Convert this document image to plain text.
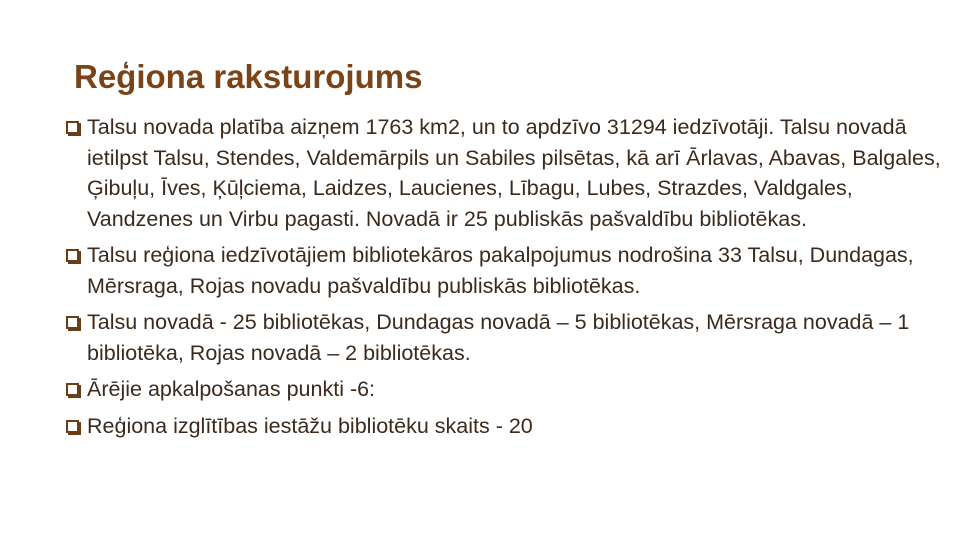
Reģiona raksturojums
Talsu novada platība aizņem 1763 km2, un to apdzīvo 31294 iedzīvotāji. Talsu novadā ietilpst Talsu, Stendes, Valdemārpils un Sabiles pilsētas, kā arī Ārlavas, Abavas, Balgales, Ģibuļu, Īves, Ķūļciema, Laidzes, Laucienes, Lībagu, Lubes, Strazdes, Valdgales, Vandzenes un Virbu pagasti. Novadā ir 25 publiskās pašvaldību bibliotēkas.
Talsu reģiona iedzīvotājiem bibliotekāros pakalpojumus nodrošina 33 Talsu, Dundagas, Mērsraga, Rojas novadu pašvaldību publiskās bibliotēkas.
Talsu novadā - 25 bibliotēkas, Dundagas novadā – 5 bibliotēkas, Mērsraga novadā – 1 bibliotēka, Rojas novadā – 2 bibliotēkas.
Ārējie apkalpošanas punkti -6:
Reģiona izglītības iestāžu bibliotēku skaits - 20
